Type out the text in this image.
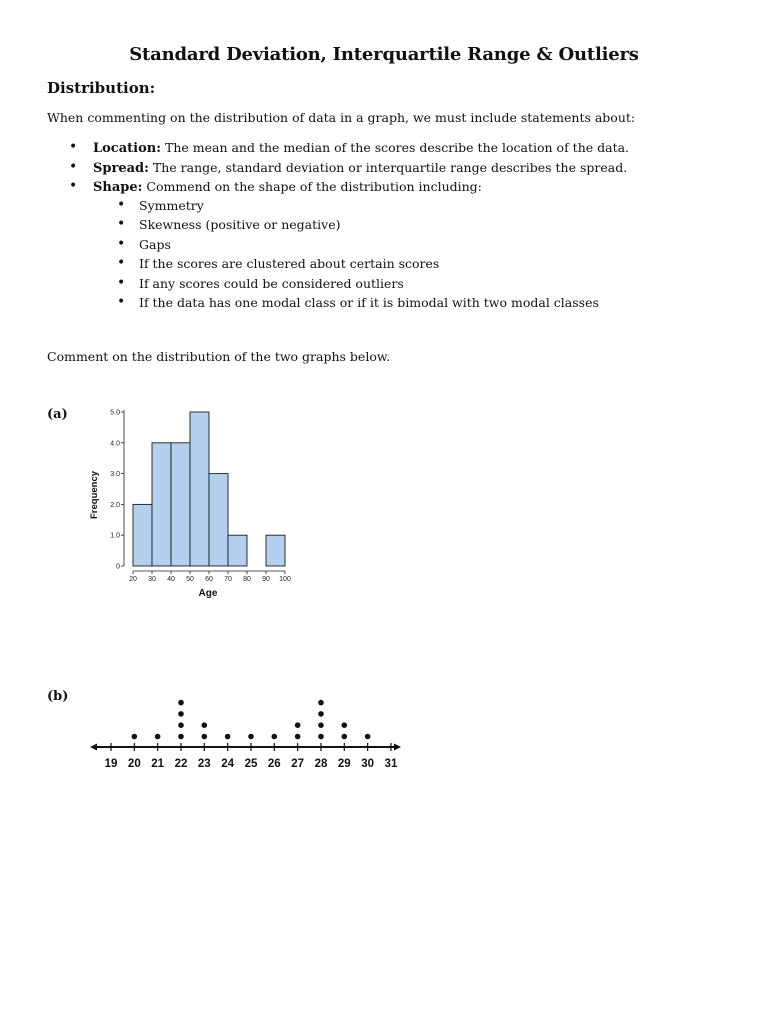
Standard Deviation, Interquartile Range & Outliers
Distribution:
When commenting on the distribution of data in a graph, we must include statements about:
• Location: The mean and the median of the scores describe the location of the data.
• Spread: The range, standard deviation or interquartile range describes the spread.
• Shape: Commend on the shape of the distribution including:
• Symmetry
• Skewness (positive or negative)
• Gaps
• If the scores are clustered about certain scores
• If any scores could be considered outliers
• If the data has one modal class or if it is bimodal with two modal classes
Comment on the distribution of the two graphs below.
(a)
0
1.0
2.0
3.0
4.0
5.0
20 30 40 50 60 70 80 90 100
Age
Frequency
(b)
19 20 21 22 23 24 25 26 27 28 29 30 31
